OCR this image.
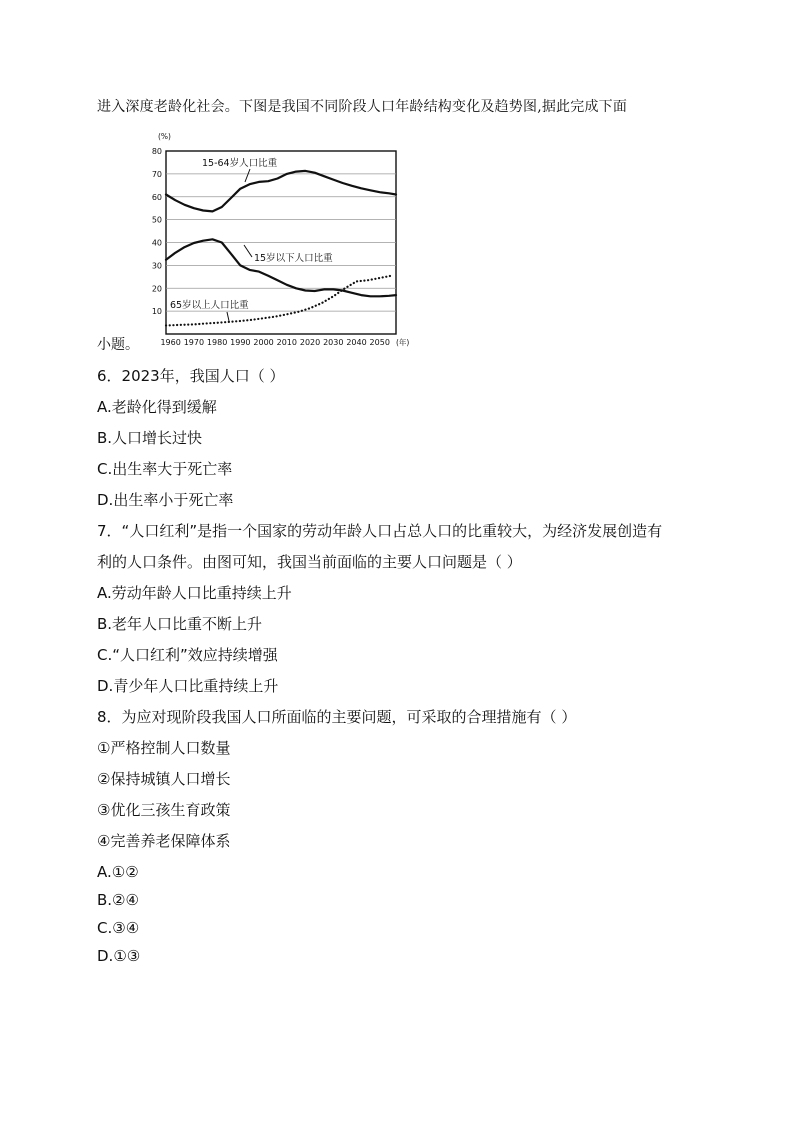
进入深度老龄化社会。下图是我国不同阶段人口年龄结构变化及趋势图,据此完成下面
10
20
30
40
50
60
70
80
1960 1970 1980 1990 2000 2010 2020 2030 2040 2050
(%)
(年)
15-64岁人口比重
15岁以下人口比重
65岁以上人口比重
小题。
6．2023年，我国人口（ ）
A.老龄化得到缓解
B.人口增长过快
C.出生率大于死亡率
D.出生率小于死亡率
7．“人口红利”是指一个国家的劳动年龄人口占总人口的比重较大，为经济发展创造有
利的人口条件。由图可知，我国当前面临的主要人口问题是（ ）
A.劳动年龄人口比重持续上升
B.老年人口比重不断上升
C.“人口红利”效应持续增强
D.青少年人口比重持续上升
8．为应对现阶段我国人口所面临的主要问题，可采取的合理措施有（ ）
①严格控制人口数量
②保持城镇人口增长
③优化三孩生育政策
④完善养老保障体系
A.①②
B.②④
C.③④
D.①③
